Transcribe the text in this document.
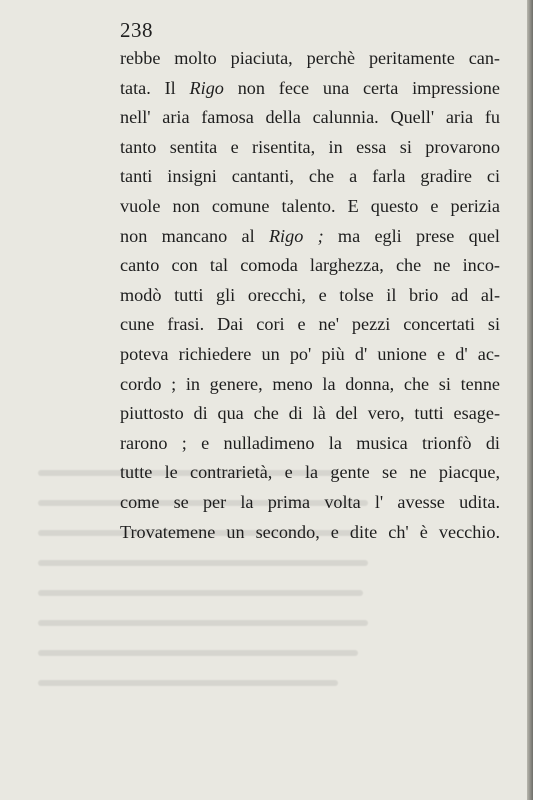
238
rebbe molto piaciuta, perchè peritamente can-
tata. Il Rigo non fece una certa impressione
nell' aria famosa della calunnia. Quell' aria fu
tanto sentita e risentita, in essa si provarono
tanti insigni cantanti, che a farla gradire ci
vuole non comune talento. E questo e perizia
non mancano al Rigo ; ma egli prese quel
canto con tal comoda larghezza, che ne inco-
modò tutti gli orecchi, e tolse il brio ad al-
cune frasi. Dai cori e ne' pezzi concertati si
poteva richiedere un po' più d' unione e d' ac-
cordo ; in genere, meno la donna, che si tenne
piuttosto di qua che di là del vero, tutti esage-
rarono ; e nulladimeno la musica trionfò di
tutte le contrarietà, e la gente se ne piacque,
come se per la prima volta l' avesse udita.
Trovatemene un secondo, e dite ch' è vecchio.
